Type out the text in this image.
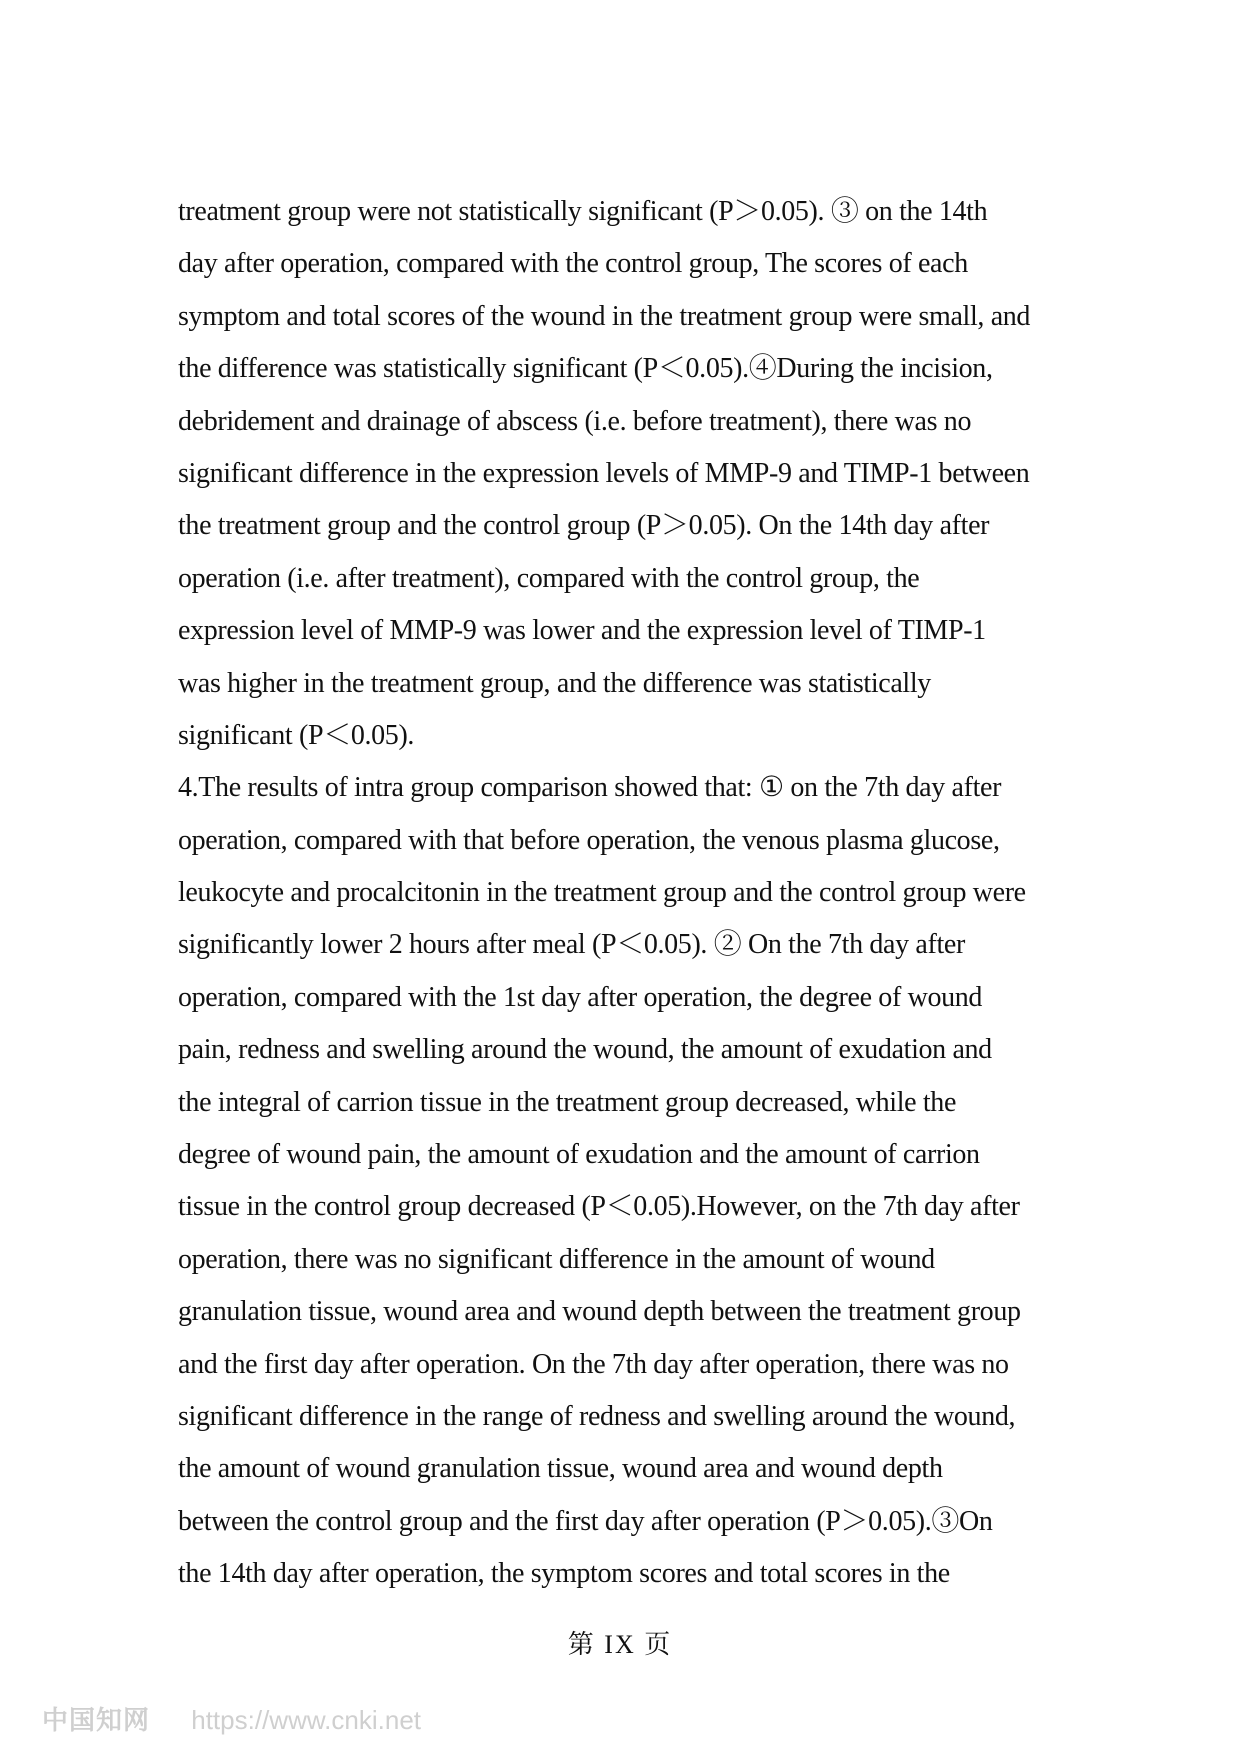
treatment group were not statistically significant (P＞0.05). ③ on the 14th
day after operation, compared with the control group, The scores of each
symptom and total scores of the wound in the treatment group were small, and
the difference was statistically significant (P＜0.05).④During the incision,
debridement and drainage of abscess (i.e. before treatment), there was no
significant difference in the expression levels of MMP-9 and TIMP-1 between
the treatment group and the control group (P＞0.05). On the 14th day after
operation (i.e. after treatment), compared with the control group, the
expression level of MMP-9 was lower and the expression level of TIMP-1
was higher in the treatment group, and the difference was statistically
significant (P＜0.05).
4.The results of intra group comparison showed that: ① on the 7th day after
operation, compared with that before operation, the venous plasma glucose,
leukocyte and procalcitonin in the treatment group and the control group were
significantly lower 2 hours after meal (P＜0.05). ② On the 7th day after
operation, compared with the 1st day after operation, the degree of wound
pain, redness and swelling around the wound, the amount of exudation and
the integral of carrion tissue in the treatment group decreased, while the
degree of wound pain, the amount of exudation and the amount of carrion
tissue in the control group decreased (P＜0.05).However, on the 7th day after
operation, there was no significant difference in the amount of wound
granulation tissue, wound area and wound depth between the treatment group
and the first day after operation. On the 7th day after operation, there was no
significant difference in the range of redness and swelling around the wound,
the amount of wound granulation tissue, wound area and wound depth
between the control group and the first day after operation (P＞0.05).③On
the 14th day after operation, the symptom scores and total scores in the
第 IX 页
中国知网 https://www.cnki.net
